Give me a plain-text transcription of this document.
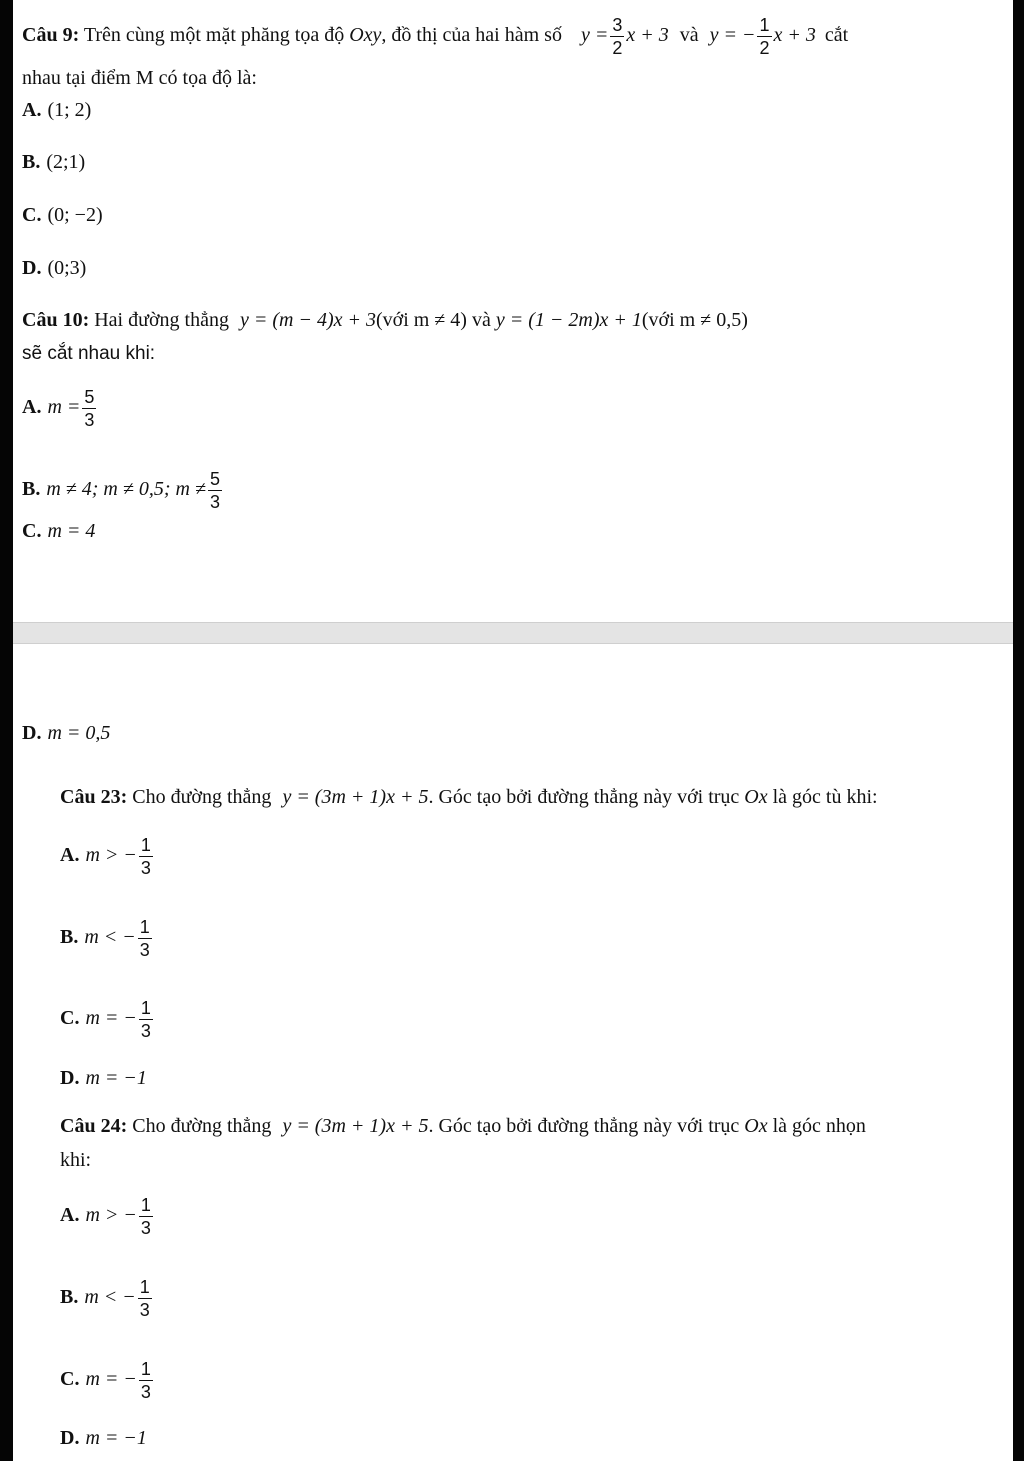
Câu 9: Trên cùng một mặt phăng tọa độ Oxy, đồ thị của hai hàm số $y = \frac{3}{2}$ x + 3 và y = − $\frac{1}{2}$ x + 3 cắt
nhau tại điểm M có tọa độ là:
A. (1; 2)
B. (2;1)
C. (0; −2)
D. (0;3)
Câu 10: Hai đường thẳng y = (m − 4)x + 3(với m ≠ 4) và y = (1 − 2m)x + 1(với m ≠ 0,5)
sẽ cắt nhau khi:
A. $m = \frac{5}{3}$
B. m ≠ 4; m ≠ 0,5; $m \ne \frac{5}{3}$
C. m = 4
D. m = 0,5
Câu 23: Cho đường thẳng y = (3m + 1)x + 5. Góc tạo bởi đường thẳng này với trục Ox là góc tù khi:
A. m > − $\frac{1}{3}$
B. m < − $\frac{1}{3}$
C. m = − $\frac{1}{3}$
D. m = −1
Câu 24: Cho đường thẳng y = (3m + 1)x + 5. Góc tạo bởi đường thẳng này với trục Ox là góc nhọn
khi:
A. m > − $\frac{1}{3}$
B. m < − $\frac{1}{3}$
C. m = − $\frac{1}{3}$
D. m = −1
